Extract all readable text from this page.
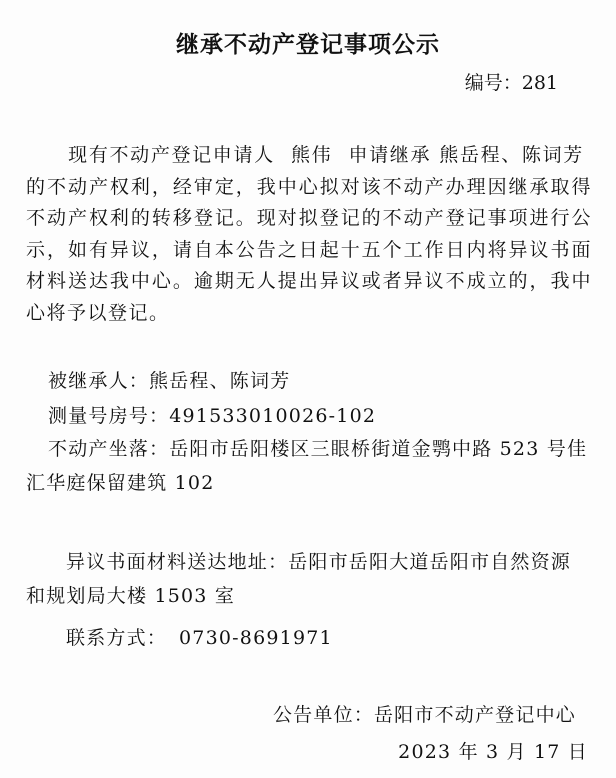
继承不动产登记事项公示
编号：281
现有不动产登记申请人 熊伟 申请继承 熊岳程、陈词芳的不动产权利，经审定，我中心拟对该不动产办理因继承取得不动产权利的转移登记。现对拟登记的不动产登记事项进行公示，如有异议，请自本公告之日起十五个工作日内将异议书面材料送达我中心。逾期无人提出异议或者异议不成立的，我中心将予以登记。
被继承人：熊岳程、陈词芳
测量号房号：491533010026-102
不动产坐落：岳阳市岳阳楼区三眼桥街道金鹗中路 523 号佳
汇华庭保留建筑 102
异议书面材料送达地址：岳阳市岳阳大道岳阳市自然资源
和规划局大楼 1503 室
联系方式： 0730-8691971
公告单位：岳阳市不动产登记中心
2023 年 3 月 17 日
